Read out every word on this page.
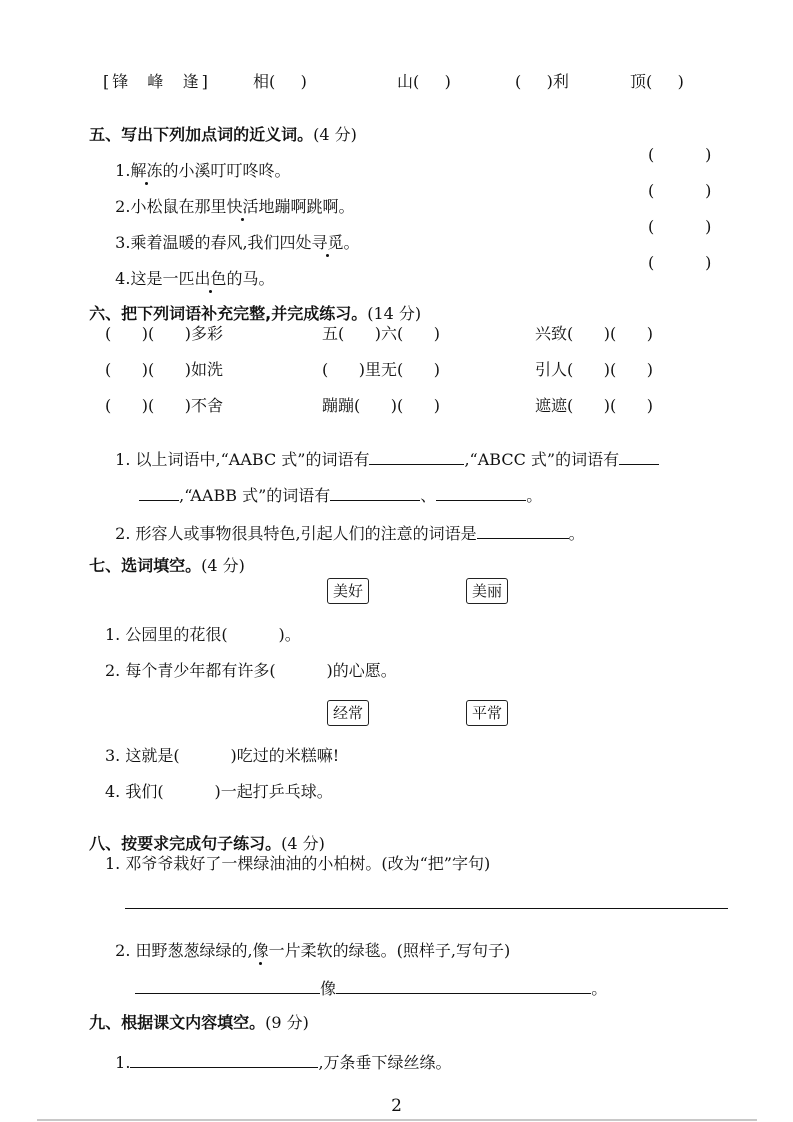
[锋  峰  逢]	相(     )	山(     )	(     )利	顶(     )

五、写出下列加点词的近义词。(4 分)

1.解冻的小溪叮叮咚咚。

(          )

2.小松鼠在那里快活地蹦啊跳啊。

(          )

3.乘着温暖的春风,我们四处寻觅。

(          )

4.这是一匹出色的马。

(          )

六、把下列词语补充完整,并完成练习。(14 分)

(      )(      )多彩	五(      )六(      )	兴致(      )(      )
(      )(      )如洗	(      )里无(      )	引人(      )(      )
(      )(      )不舍	蹦蹦(      )(      )	遮遮(      )(      )

1. 以上词语中,“AABC 式”的词语有	,“ABCC 式”的词语有

,“AABB 式”的词语有	、	。

2. 形容人或事物很具特色,引起人们的注意的词语是	。

七、选词填空。(4 分)

美好	美丽
1. 公园里的花很(          )。
2. 每个青少年都有许多(          )的心愿。
经常	平常
3. 这就是(          )吃过的米糕嘛!
4. 我们(          )一起打乒乓球。

八、按要求完成句子练习。(4 分)

1. 邓爷爷栽好了一棵绿油油的小柏树。(改为“把”字句)

2. 田野葱葱绿绿的,像一片柔软的绿毯。(照样子,写句子)

像	。

九、根据课文内容填空。(9 分)

1.	,万条垂下绿丝绦。

2
